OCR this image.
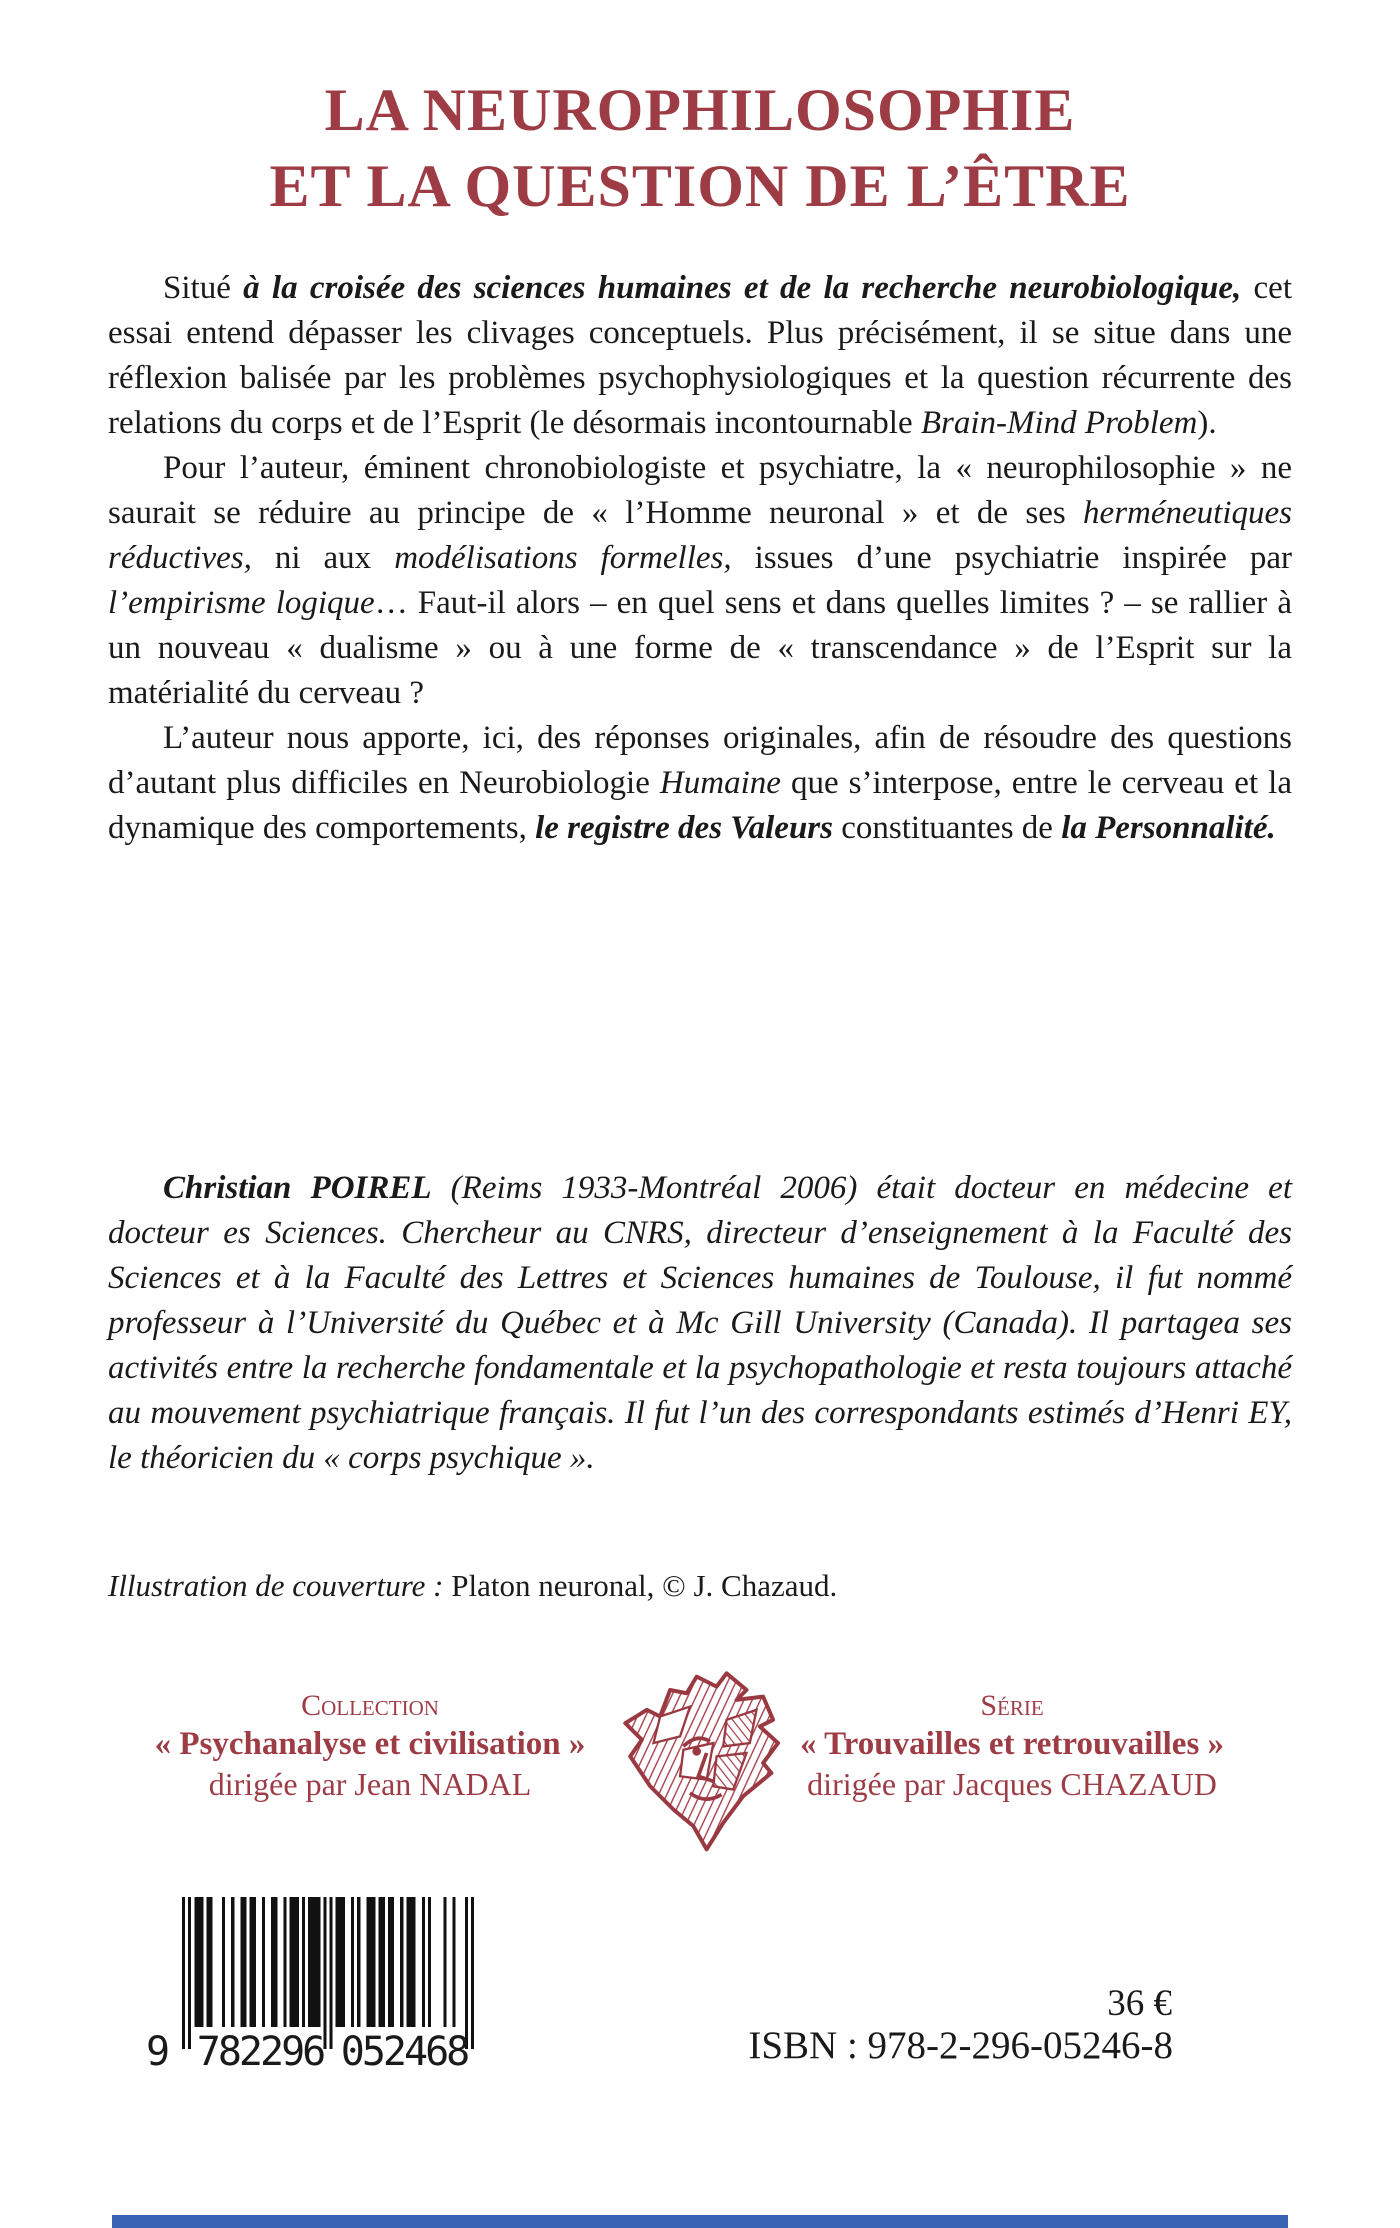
LA NEUROPHILOSOPHIE
ET LA QUESTION DE L’ÊTRE

Situé à la croisée des sciences humaines et de la recherche neurobiologique, cet essai entend dépasser les clivages conceptuels. Plus précisément, il se situe dans une réflexion balisée par les problèmes psychophysiologiques et la question récurrente des relations du corps et de l’Esprit (le désormais incontournable Brain-Mind Problem).

Pour l’auteur, éminent chronobiologiste et psychiatre, la « neurophilosophie » ne saurait se réduire au principe de « l’Homme neuronal » et de ses herméneutiques réductives, ni aux modélisations formelles, issues d’une psychiatrie inspirée par l’empirisme logique… Faut-il alors – en quel sens et dans quelles limites ? – se rallier à un nouveau « dualisme » ou à une forme de « transcendance » de l’Esprit sur la matérialité du cerveau ?

L’auteur nous apporte, ici, des réponses originales, afin de résoudre des questions d’autant plus difficiles en Neurobiologie Humaine que s’interpose, entre le cerveau et la dynamique des comportements, le registre des Valeurs constituantes de la Personnalité.

Christian POIREL (Reims 1933-Montréal 2006) était docteur en médecine et docteur es Sciences. Chercheur au CNRS, directeur d’enseignement à la Faculté des Sciences et à la Faculté des Lettres et Sciences humaines de Toulouse, il fut nommé professeur à l’Université du Québec et à Mc Gill University (Canada). Il partagea ses activités entre la recherche fondamentale et la psychopathologie et resta toujours attaché au mouvement psychiatrique français. Il fut l’un des correspondants estimés d’Henri EY, le théoricien du « corps psychique ».

Illustration de couverture : Platon neuronal, © J. Chazaud.

Collection
« Psychanalyse et civilisation »
dirigée par Jean NADAL
Série
« Trouvailles et retrouvailles »
dirigée par Jacques CHAZAUD
9 782296 052468
36 €
ISBN : 978-2-296-05246-8
